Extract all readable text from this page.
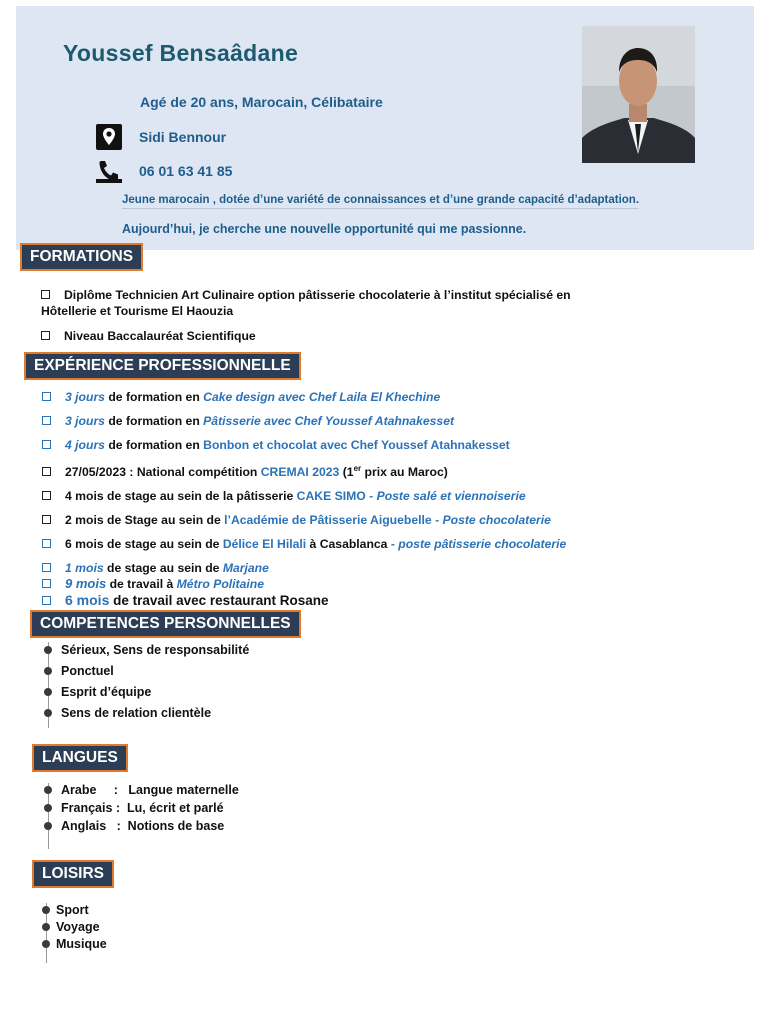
Youssef Bensaâdane
Agé de 20 ans, Marocain, Célibataire
Sidi Bennour
06 01 63 41 85
Jeune marocain , dotée d’une variété de connaissances et d’une grande capacité d’adaptation.
Aujourd’hui, je cherche une nouvelle opportunité qui me passionne.
FORMATIONS
Diplôme Technicien Art Culinaire option pâtisserie chocolaterie à l’institut spécialisé en
Hôtellerie et Tourisme El Haouzia
Niveau Baccalauréat Scientifique
EXPÉRIENCE PROFESSIONNELLE
3 jours de formation en Cake design avec Chef Laila El Khechine
3 jours de formation en Pâtisserie avec Chef Youssef Atahnakesset
4 jours de formation en Bonbon et chocolat avec Chef Youssef Atahnakesset
27/05/2023 : National compétition CREMAI 2023 (1er prix au Maroc)
4 mois de stage au sein de la pâtisserie CAKE SIMO - Poste salé et viennoiserie
2 mois de Stage au sein de l’Académie de Pâtisserie Aiguebelle - Poste chocolaterie
6 mois de stage au sein de Délice El Hilali à Casablanca - poste pâtisserie chocolaterie
1 mois de stage au sein de Marjane
9 mois de travail à Métro Politaine
6 mois de travail avec restaurant Rosane
COMPETENCES PERSONNELLES
Sérieux, Sens de responsabilité
Ponctuel
Esprit d’équipe
Sens de relation clientèle
LANGUES
Arabe     :   Langue maternelle
Français :  Lu, écrit et parlé
Anglais   :  Notions de base
LOISIRS
Sport
Voyage
Musique
